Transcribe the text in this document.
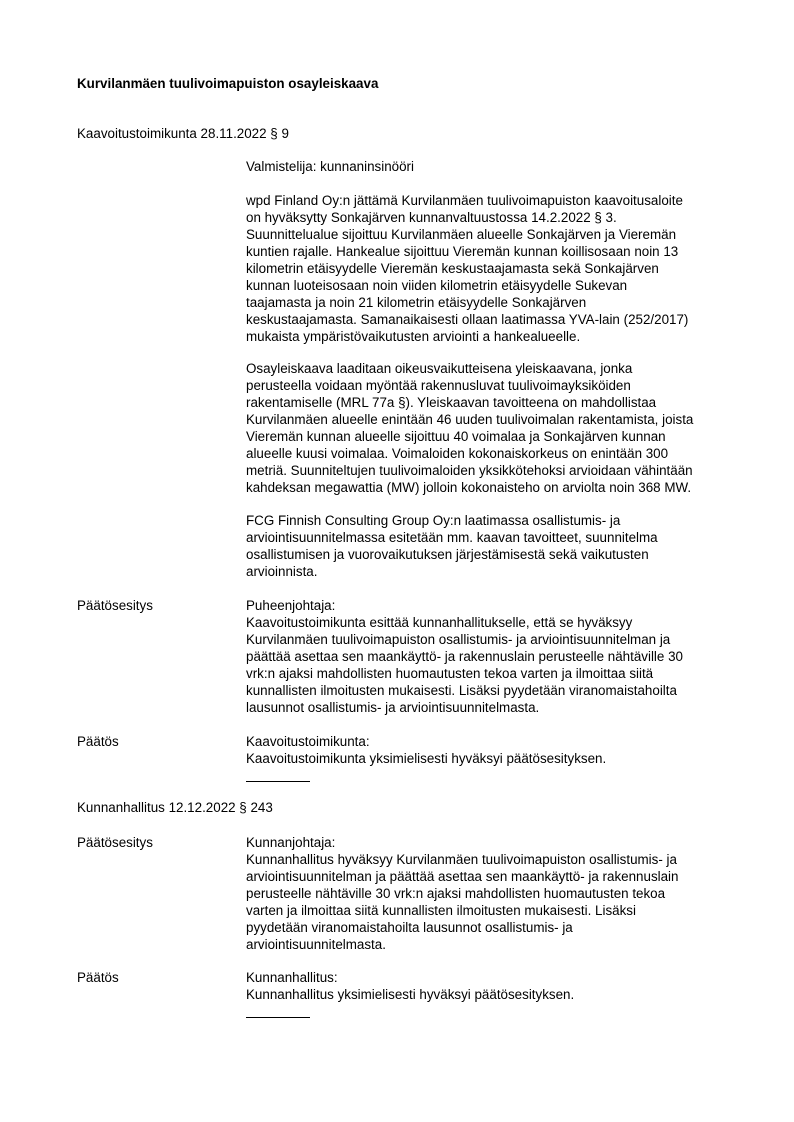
Kurvilanmäen tuulivoimapuiston osayleiskaava
Kaavoitustoimikunta 28.11.2022 § 9
Valmistelija: kunnaninsinööri
wpd Finland Oy:n jättämä Kurvilanmäen tuulivoimapuiston kaavoitusaloite
on hyväksytty Sonkajärven kunnanvaltuustossa 14.2.2022 § 3.
Suunnittelualue sijoittuu Kurvilanmäen alueelle Sonkajärven ja Vieremän
kuntien rajalle. Hankealue sijoittuu Vieremän kunnan koillisosaan noin 13
kilometrin etäisyydelle Vieremän keskustaajamasta sekä Sonkajärven
kunnan luoteisosaan noin viiden kilometrin etäisyydelle Sukevan
taajamasta ja noin 21 kilometrin etäisyydelle Sonkajärven
keskustaajamasta. Samanaikaisesti ollaan laatimassa YVA-lain (252/2017)
mukaista ympäristövaikutusten arviointi a hankealueelle.
Osayleiskaava laaditaan oikeusvaikutteisena yleiskaavana, jonka
perusteella voidaan myöntää rakennusluvat tuulivoimayksiköiden
rakentamiselle (MRL 77a §). Yleiskaavan tavoitteena on mahdollistaa
Kurvilanmäen alueelle enintään 46 uuden tuulivoimalan rakentamista, joista
Vieremän kunnan alueelle sijoittuu 40 voimalaa ja Sonkajärven kunnan
alueelle kuusi voimalaa. Voimaloiden kokonaiskorkeus on enintään 300
metriä. Suunniteltujen tuulivoimaloiden yksikkötehoksi arvioidaan vähintään
kahdeksan megawattia (MW) jolloin kokonaisteho on arviolta noin 368 MW.
FCG Finnish Consulting Group Oy:n laatimassa osallistumis- ja
arviointisuunnitelmassa esitetään mm. kaavan tavoitteet, suunnitelma
osallistumisen ja vuorovaikutuksen järjestämisestä sekä vaikutusten
arvioinnista.
Päätösesitys	Puheenjohtaja:
Kaavoitustoimikunta esittää kunnanhallitukselle, että se hyväksyy
Kurvilanmäen tuulivoimapuiston osallistumis- ja arviointisuunnitelman ja
päättää asettaa sen maankäyttö- ja rakennuslain perusteelle nähtäville 30
vrk:n ajaksi mahdollisten huomautusten tekoa varten ja ilmoittaa siitä
kunnallisten ilmoitusten mukaisesti. Lisäksi pyydetään viranomaistahoilta
lausunnot osallistumis- ja arviointisuunnitelmasta.
Päätös	Kaavoitustoimikunta:
Kaavoitustoimikunta yksimielisesti hyväksyi päätösesityksen.
Kunnanhallitus 12.12.2022 § 243
Päätösesitys	Kunnanjohtaja:
Kunnanhallitus hyväksyy Kurvilanmäen tuulivoimapuiston osallistumis- ja
arviointisuunnitelman ja päättää asettaa sen maankäyttö- ja rakennuslain
perusteelle nähtäville 30 vrk:n ajaksi mahdollisten huomautusten tekoa
varten ja ilmoittaa siitä kunnallisten ilmoitusten mukaisesti. Lisäksi
pyydetään viranomaistahoilta lausunnot osallistumis- ja
arviointisuunnitelmasta.
Päätös	Kunnanhallitus:
Kunnanhallitus yksimielisesti hyväksyi päätösesityksen.
